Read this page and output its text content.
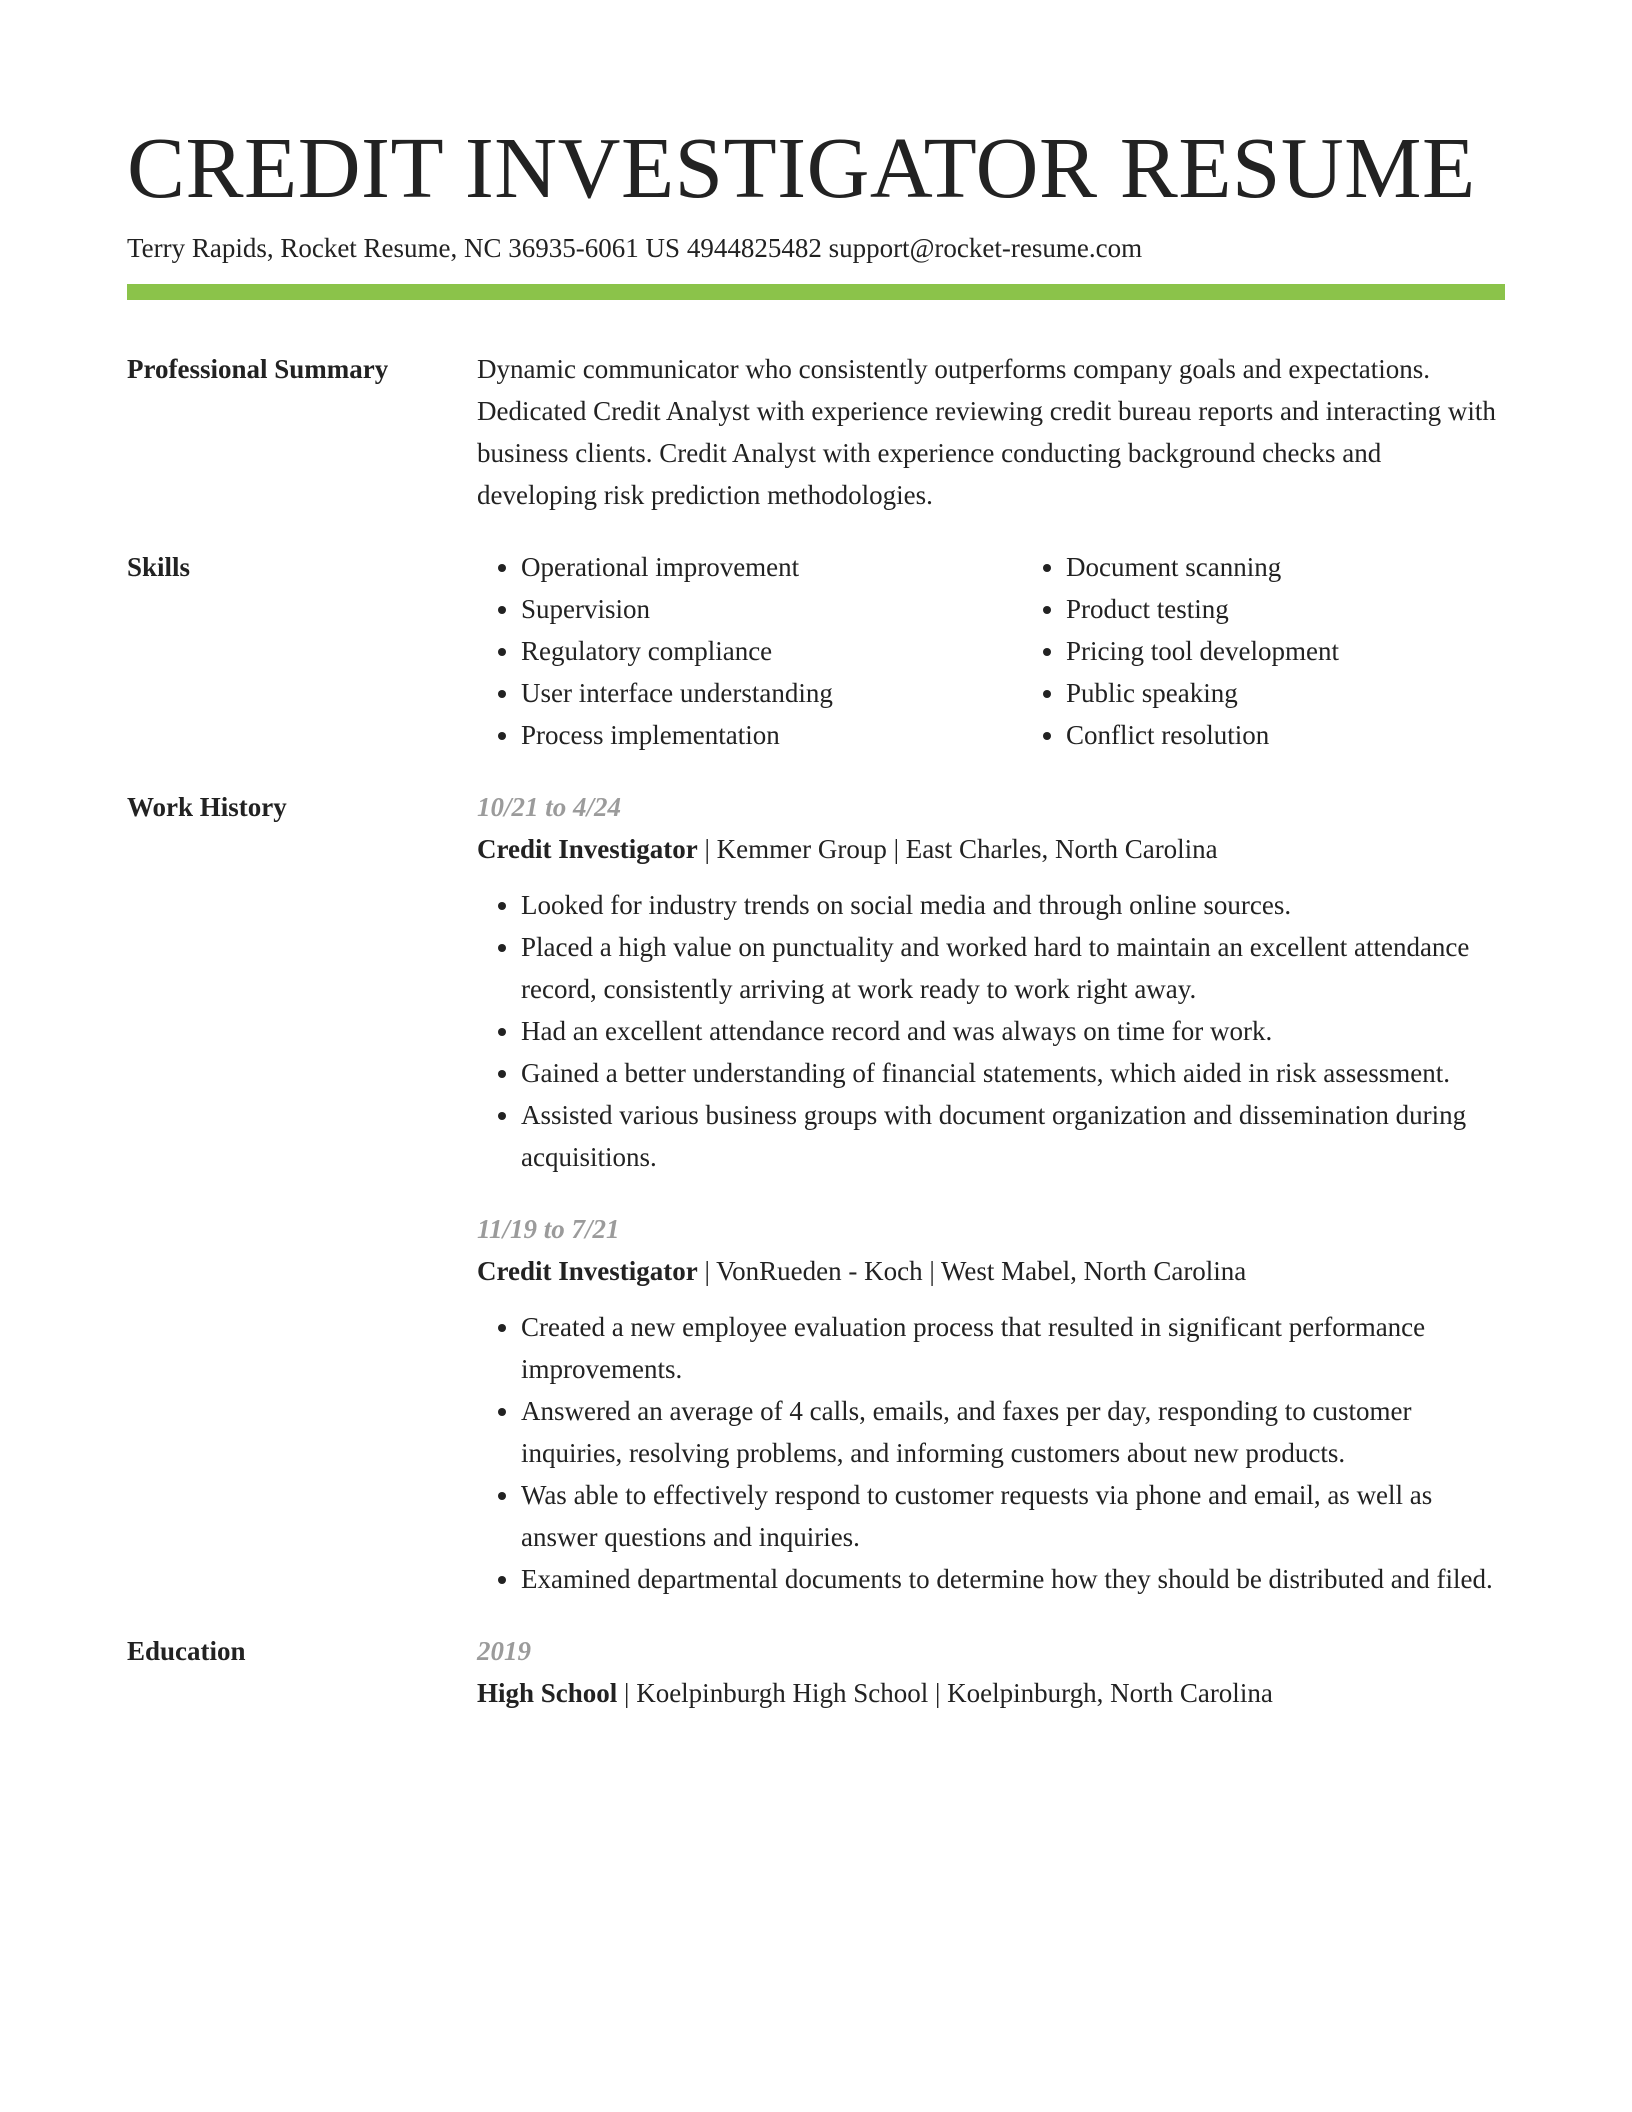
CREDIT INVESTIGATOR RESUME
Terry Rapids, Rocket Resume, NC 36935-6061 US 4944825482 support@rocket-resume.com
Professional Summary	Dynamic communicator who consistently outperforms company goals and expectations. Dedicated Credit Analyst with experience reviewing credit bureau reports and interacting with business clients. Credit Analyst with experience conducting background checks and developing risk prediction methodologies.
Skills
•	Operational improvement
• Supervision
• Regulatory compliance
• User interface understanding
• Process implementation
• Document scanning
• Product testing
• Pricing tool development
• Public speaking
• Conflict resolution
Work History	10/21 to 4/24
Credit Investigator | Kemmer Group | East Charles, North Carolina
• Looked for industry trends on social media and through online sources.
• Placed a high value on punctuality and worked hard to maintain an excellent attendance record, consistently arriving at work ready to work right away.
• Had an excellent attendance record and was always on time for work.
• Gained a better understanding of financial statements, which aided in risk assessment.
• Assisted various business groups with document organization and dissemination during acquisitions.
11/19 to 7/21
Credit Investigator | VonRueden - Koch | West Mabel, North Carolina
• Created a new employee evaluation process that resulted in significant performance improvements.
• Answered an average of 4 calls, emails, and faxes per day, responding to customer inquiries, resolving problems, and informing customers about new products.
• Was able to effectively respond to customer requests via phone and email, as well as answer questions and inquiries.
• Examined departmental documents to determine how they should be distributed and filed.
Education	2019
High School | Koelpinburgh High School | Koelpinburgh, North Carolina
